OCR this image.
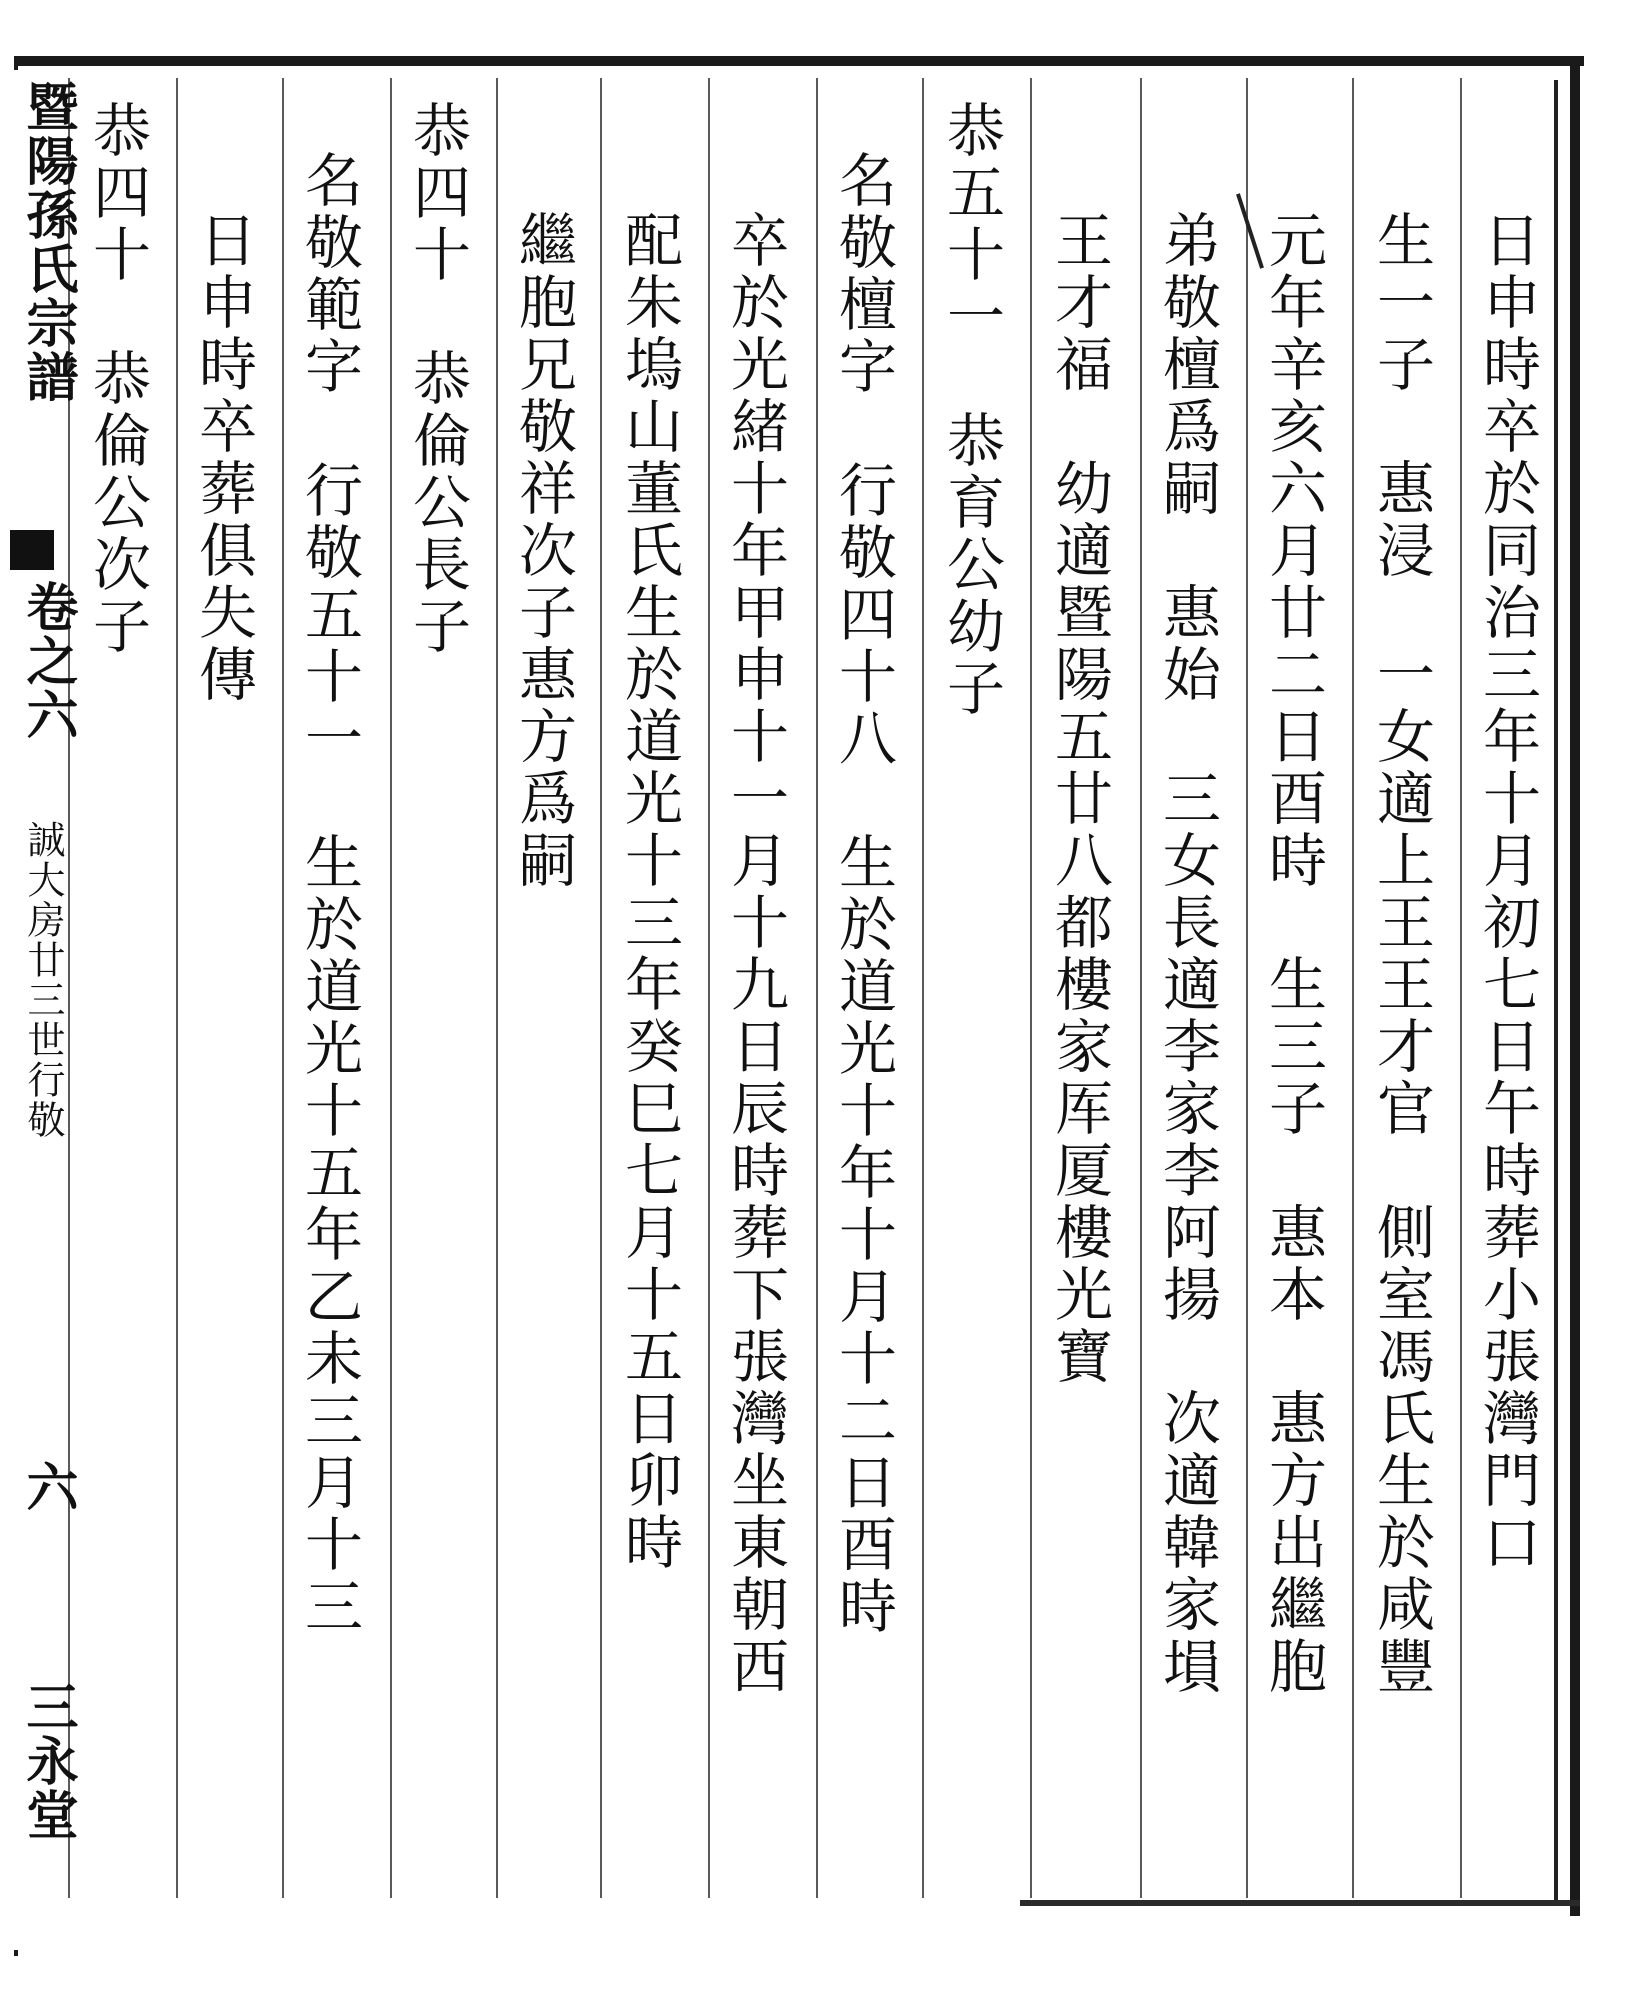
日申時卒於同治三年十月初七日午時葬小張灣門口
生一子　惠浸　一女適上王王才官　側室馮氏生於咸豐
元年辛亥六月廿二日酉時　生三子　惠本　惠方出繼胞
弟敬檀爲嗣　惠始　三女長適李家李阿揚　次適韓家塤
王才福　幼適暨陽五廿八都樓家厍厦樓光寶
恭五十一　恭育公幼子
名敬檀字　行敬四十八　生於道光十年十月十二日酉時
卒於光緒十年甲申十一月十九日辰時葬下張灣坐東朝西
配朱塢山董氏生於道光十三年癸巳七月十五日卯時
繼胞兄敬祥次子惠方爲嗣
恭四十　恭倫公長子
名敬範字　行敬五十一　生於道光十五年乙未三月十三
日申時卒葬俱失傳
恭四十　恭倫公次子
暨陽孫氏宗譜
卷之六
誠大房廿三世行敬
六
三永堂
